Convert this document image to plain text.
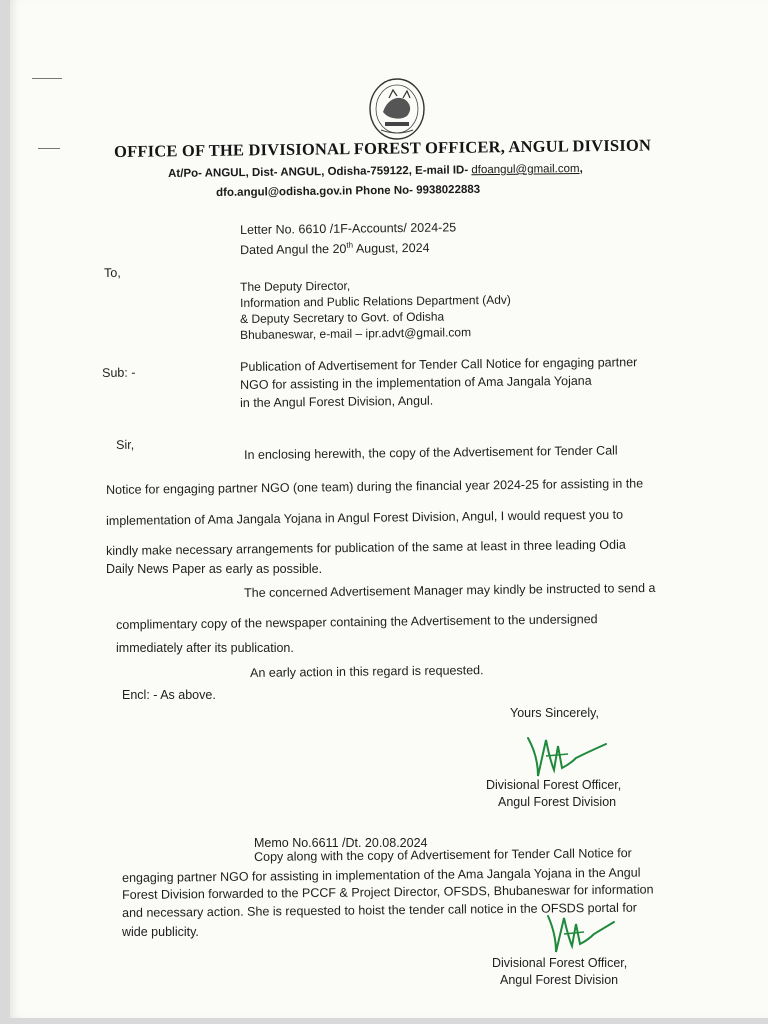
OFFICE OF THE DIVISIONAL FOREST OFFICER, ANGUL DIVISION
At/Po- ANGUL, Dist- ANGUL, Odisha-759122, E-mail ID- dfoangul@gmail.com,
dfo.angul@odisha.gov.in Phone No- 9938022883
Letter No. 6610 /1F-Accounts/ 2024-25
Dated Angul the 20th August, 2024
To,
The Deputy Director,
Information and Public Relations Department (Adv)
& Deputy Secretary to Govt. of Odisha
Bhubaneswar, e-mail – ipr.advt@gmail.com
Sub: -	Publication of Advertisement for Tender Call Notice for engaging partner
NGO for assisting in the implementation of Ama Jangala Yojana
in the Angul Forest Division, Angul.
Sir,	In enclosing herewith, the copy of the Advertisement for Tender Call
Notice for engaging partner NGO (one team) during the financial year 2024-25 for assisting in the
implementation of Ama Jangala Yojana in Angul Forest Division, Angul, I would request you to
kindly make necessary arrangements for publication of the same at least in three leading Odia
Daily News Paper as early as possible.
The concerned Advertisement Manager may kindly be instructed to send a
complimentary copy of the newspaper containing the Advertisement to the undersigned
immediately after its publication.
An early action in this regard is requested.
Encl: - As above.
Yours Sincerely,
Divisional Forest Officer,
Angul Forest Division
Memo No.6611 /Dt. 20.08.2024
Copy along with the copy of Advertisement for Tender Call Notice for
engaging partner NGO for assisting in implementation of the Ama Jangala Yojana in the Angul
Forest Division forwarded to the PCCF & Project Director, OFSDS, Bhubaneswar for information
and necessary action. She is requested to hoist the tender call notice in the OFSDS portal for
wide publicity.
Divisional Forest Officer,
Angul Forest Division
